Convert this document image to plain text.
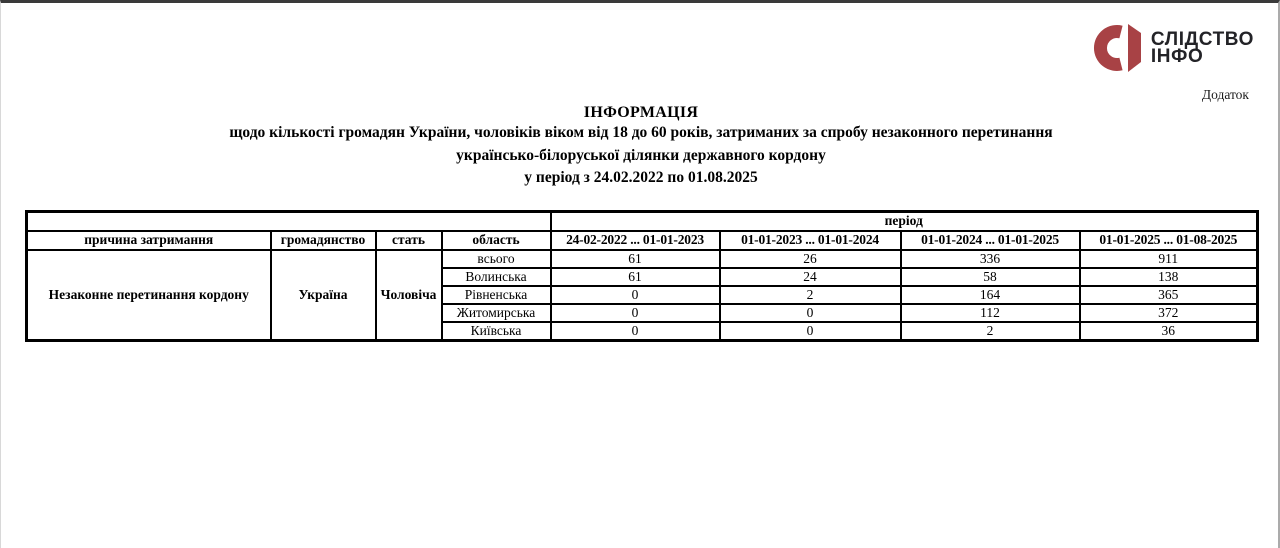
СЛІДСТВО
ІНФО
Додаток
ІНФОРМАЦІЯ
щодо кількості громадян України, чоловіків віком від 18 до 60 років, затриманих за спробу незаконного перетинання
українсько-білоруської ділянки державного кордону
у період з 24.02.2022 по 01.08.2025
				період			
причина затримання	громадянство	стать	область	24-02-2022 ... 01-01-2023	01-01-2023 ... 01-01-2024	01-01-2024 ... 01-01-2025	01-01-2025 ... 01-08-2025
Незаконне перетинання кордону	Україна	Чоловіча	всього	61	26	336	911
			Волинська	61	24	58	138
			Рівненська	0	2	164	365
			Житомирська	0	0	112	372
			Київська	0	0	2	36
